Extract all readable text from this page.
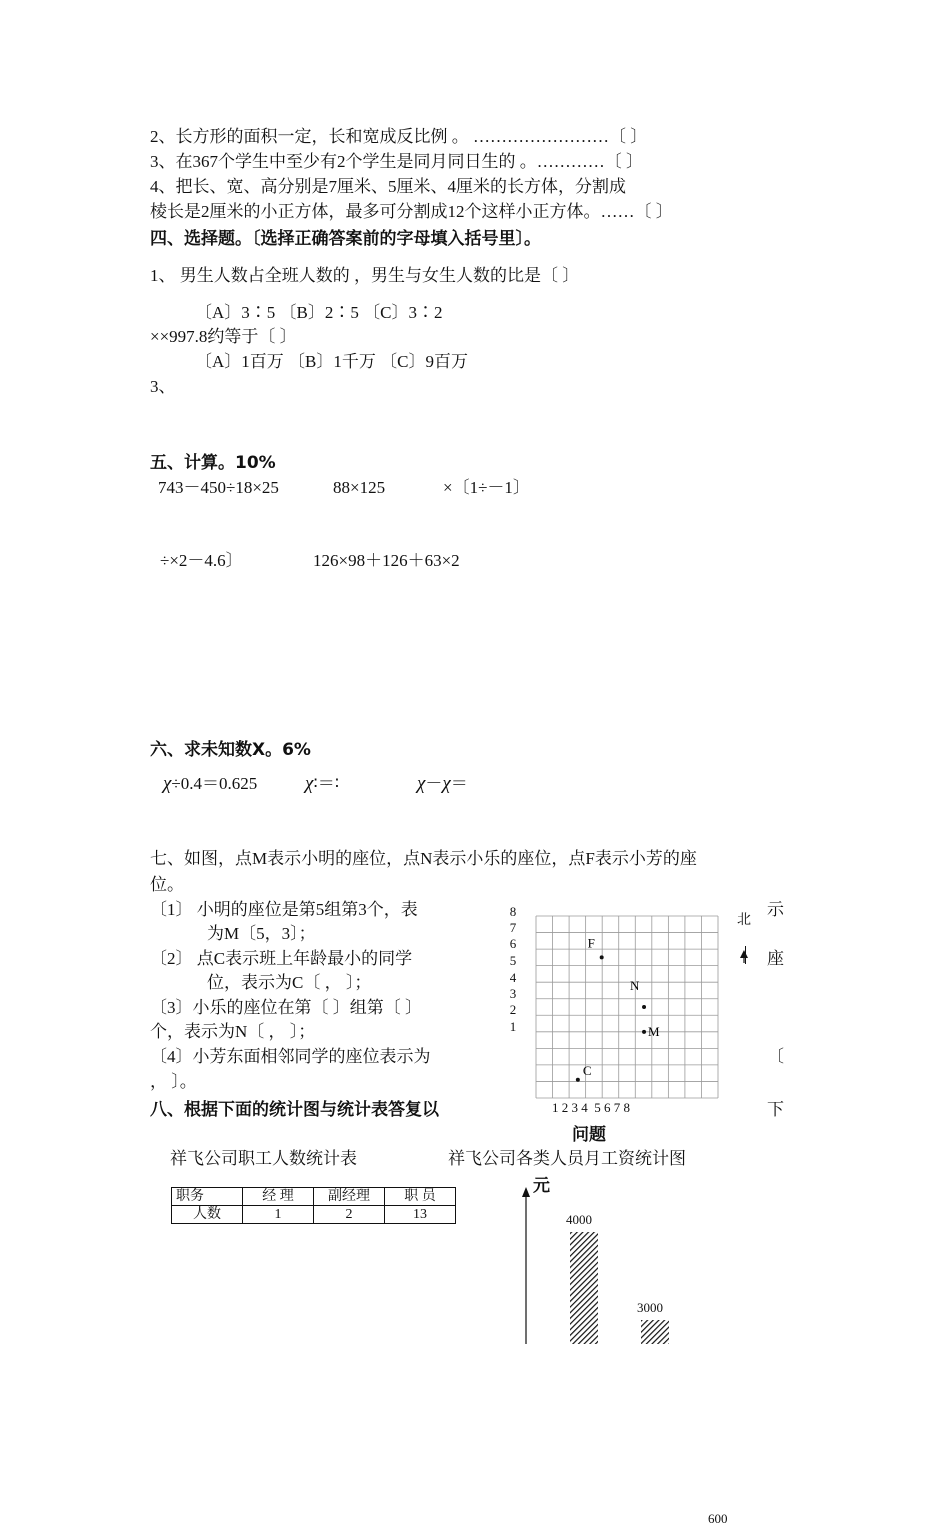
2、长方形的面积一定，长和宽成反比例 。 ……………………〔 〕
3、在367个学生中至少有2个学生是同月同日生的 。…………〔 〕
4、把长、宽、高分别是7厘米、5厘米、4厘米的长方体，分割成
棱长是2厘米的小正方体，最多可分割成12个这样小正方体。……〔 〕
四、选择题。〔选择正确答案前的字母填入括号里〕。
1、 男生人数占全班人数的 ，男生与女生人数的比是〔 〕
〔A〕3∶5 〔B〕2∶5 〔C〕3∶2
××997.8约等于〔 〕
〔A〕1百万 〔B〕1千万 〔C〕9百万
3、
五、计算。10%
743－450÷18×25	88×125	×〔1÷－1〕
÷×2－4.6〕	126×98＋126＋63×2
六、求未知数X。6%
χ÷0.4＝0.625	χ∶＝∶	χ－χ＝
七、如图，点M表示小明的座位，点N表示小乐的座位，点F表示小芳的座
位。
〔1〕 小明的座位是第5组第3个，表
为M〔5，3〕；
〔2〕 点C表示班上年龄最小的同学
位，表示为C〔 ， 〕；
〔3〕小乐的座位在第〔 〕组第〔 〕
个，表示为N〔 ， 〕；
〔4〕小芳东面相邻同学的座位表示为
， 〕。
示
座
〔
下
8
7
6
5
4
3
2
1
F
N
M
C
北
1 2 3 4  5 6 7 8
八、根据下面的统计图与统计表答复以
问题
祥飞公司职工人数统计表	祥飞公司各类人员月工资统计图
职务	经 理	副经理	职 员
人数	1	2	13
元
4000
3000
600
